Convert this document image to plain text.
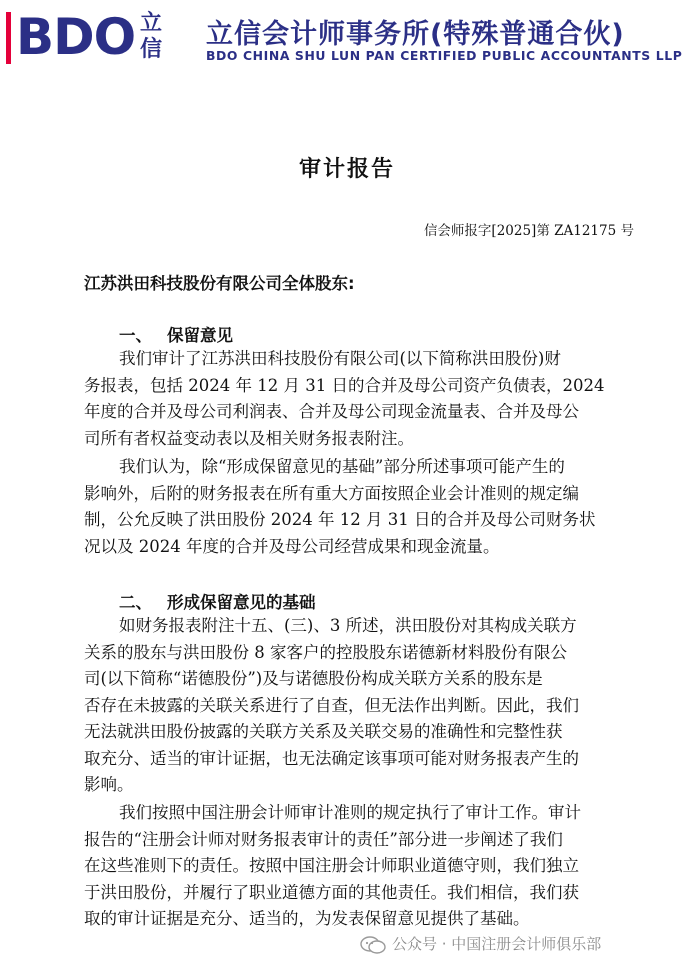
BDO 立信 立信会计师事务所(特殊普通合伙)
BDO CHINA SHU LUN PAN CERTIFIED PUBLIC ACCOUNTANTS LLP
审计报告
信会师报字[2025]第 ZA12175 号
江苏洪田科技股份有限公司全体股东:
一、 保留意见
我们审计了江苏洪田科技股份有限公司(以下简称洪田股份)财
务报表，包括 2024 年 12 月 31 日的合并及母公司资产负债表，2024
年度的合并及母公司利润表、合并及母公司现金流量表、合并及母公
司所有者权益变动表以及相关财务报表附注。
我们认为，除“形成保留意见的基础”部分所述事项可能产生的
影响外，后附的财务报表在所有重大方面按照企业会计准则的规定编
制，公允反映了洪田股份 2024 年 12 月 31 日的合并及母公司财务状
况以及 2024 年度的合并及母公司经营成果和现金流量。
二、 形成保留意见的基础
如财务报表附注十五、(三)、3 所述，洪田股份对其构成关联方
关系的股东与洪田股份 8 家客户的控股股东诺德新材料股份有限公
司(以下简称“诺德股份”)及与诺德股份构成关联方关系的股东是
否存在未披露的关联关系进行了自查，但无法作出判断。因此，我们
无法就洪田股份披露的关联方关系及关联交易的准确性和完整性获
取充分、适当的审计证据，也无法确定该事项可能对财务报表产生的
影响。
我们按照中国注册会计师审计准则的规定执行了审计工作。审计
报告的“注册会计师对财务报表审计的责任”部分进一步阐述了我们
在这些准则下的责任。按照中国注册会计师职业道德守则，我们独立
于洪田股份，并履行了职业道德方面的其他责任。我们相信，我们获
取的审计证据是充分、适当的，为发表保留意见提供了基础。
公众号 · 中国注册会计师俱乐部
